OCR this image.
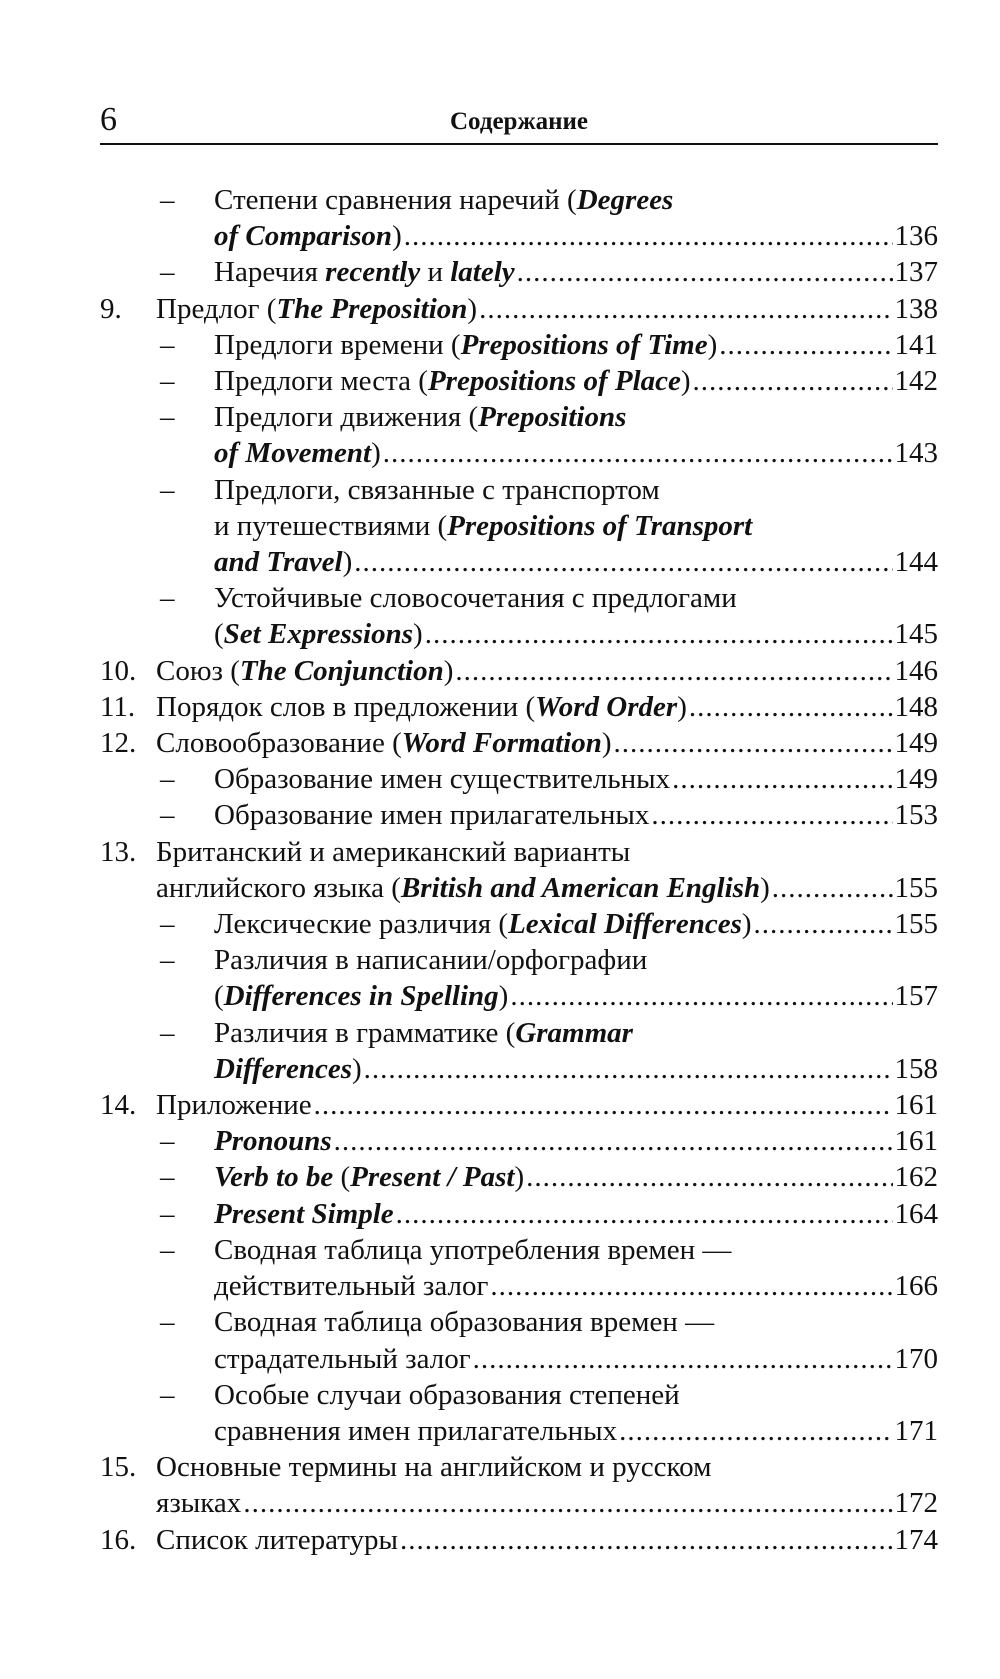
6	Содержание
–	Степени сравнения наречий (Degrees
of Comparison) .....	136
– Наречия recently и lately .....	137
9. Предлог (The Preposition) .....	138
– Предлоги времени (Prepositions of Time) .....	141
– Предлоги места (Prepositions of Place) .....	142
–	Предлоги движения (Prepositions
of Movement) .....	143
–	Предлоги, связанные с транспортом
и путешествиями (Prepositions of Transport
and Travel) .....	144
–	Устойчивые словосочетания с предлогами
(Set Expressions) .....	145
10. Союз (The Conjunction) .....	146
11. Порядок слов в предложении (Word Order) .....	148
12. Словообразование (Word Formation) .....	149
– Образование имен существительных .....	149
– Образование имен прилагательных .....	153
13. Британский и американский варианты
английского языка (British and American English) .....	155
– Лексические различия (Lexical Differences) .....	155
–	Различия в написании/орфографии
(Differences in Spelling) .....	157
–	Различия в грамматике (Grammar
Differences) .....	158
14. Приложение .....	161
– Pronouns .....	161
– Verb to be (Present / Past) .....	162
– Present Simple .....	164
–	Сводная таблица употребления времен —
действительный залог .....	166
–	Сводная таблица образования времен —
страдательный залог .....	170
–	Особые случаи образования степеней
сравнения имен прилагательных .....	171
15. Основные термины на английском и русском
языках .....	172
16. Список литературы .....	174
